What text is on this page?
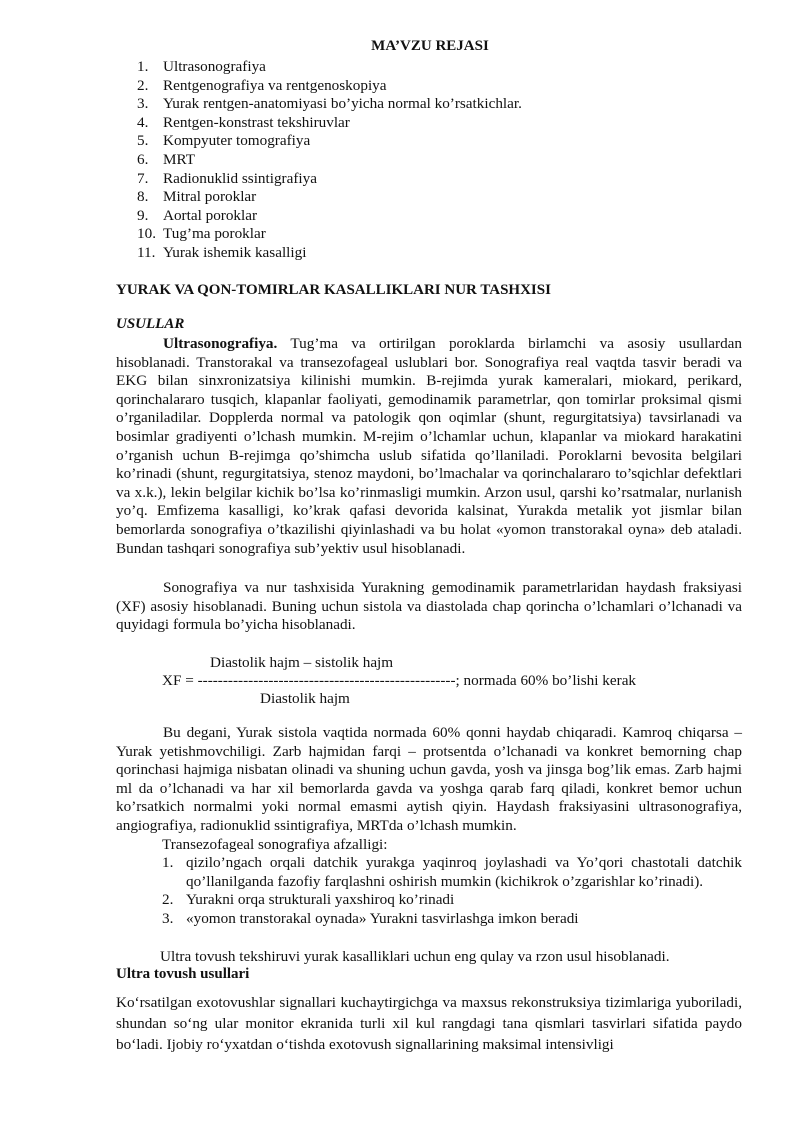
MA’VZU REJASI
1. Ultrasonografiya
2. Rentgenografiya va rentgenoskopiya
3. Yurak rentgen-anatomiyasi bo’yicha normal ko’rsatkichlar.
4. Rentgen-konstrast tekshiruvlar
5. Kompyuter tomografiya
6. MRT
7. Radionuklid ssintigrafiya
8. Mitral poroklar
9. Aortal poroklar
10. Tug’ma poroklar
11. Yurak ishemik kasalligi
YURAK VA QON-TOMIRLAR KASALLIKLARI NUR TASHXISI
USULLAR

Ultrasonografiya. Tug’ma va ortirilgan poroklarda birlamchi va asosiy usullardan hisoblanadi. Transtorakal va transezofageal uslublari bor. Sonografiya real vaqtda tasvir beradi va EKG bilan sinxronizatsiya kilinishi mumkin. B-rejimda yurak kameralari, miokard, perikard, qorinchalararo tusqich, klapanlar faoliyati, gemodinamik parametrlar, qon tomirlar proksimal qismi o’rganiladilar. Dopplerda normal va patologik qon oqimlar (shunt, regurgitatsiya) tavsirlanadi va bosimlar gradiyenti o’lchash mumkin. M-rejim o’lchamlar uchun, klapanlar va miokard harakatini o’rganish uchun B-rejimga qo’shimcha uslub sifatida qo’llaniladi. Poroklarni bevosita belgilari ko’rinadi (shunt, regurgitatsiya, stenoz maydoni, bo’lmachalar va qorinchalararo to’sqichlar defektlari va x.k.), lekin belgilar kichik bo’lsa ko’rinmasligi mumkin. Arzon usul, qarshi ko’rsatmalar, nurlanish yo’q. Emfizema kasalligi, ko’krak qafasi devorida kalsinat, Yurakda metalik yot jismlar bilan bemorlarda sonografiya o’tkazilishi qiyinlashadi va bu holat «yomon transtorakal oyna» deb ataladi. Bundan tashqari sonografiya sub’yektiv usul hisoblanadi.

Sonografiya va nur tashxisida Yurakning gemodinamik parametrlaridan haydash fraksiyasi (XF) asosiy hisoblanadi. Buning uchun sistola va diastolada chap qorincha o’lchamlari o’lchanadi va quyidagi formula bo’yicha hisoblanadi.

Diastolik hajm – sistolik hajm
XF = ---------------------------------------------------; normada 60% bo’lishi kerak
Diastolik hajm

Bu degani, Yurak sistola vaqtida normada 60% qonni haydab chiqaradi. Kamroq chiqarsa – Yurak yetishmovchiligi. Zarb hajmidan farqi – protsentda o’lchanadi va konkret bemorning chap qorinchasi hajmiga nisbatan olinadi va shuning uchun gavda, yosh va jinsga bog’lik emas. Zarb hajmi ml da o’lchanadi va har xil bemorlarda gavda va yoshga qarab farq qiladi, konkret bemor uchun ko’rsatkich normalmi yoki normal emasmi aytish qiyin. Haydash fraksiyasini ultrasonografiya, angiografiya, radionuklid ssintigrafiya, MRTda o’lchash mumkin.

Transezofageal sonografiya afzalligi:
1. qizilo’ngach orqali datchik yurakga yaqinroq joylashadi va Yo’qori chastotali datchik qo’llanilganda fazofiy farqlashni oshirish mumkin (kichikrok o’zgarishlar ko’rinadi).
2. Yurakni orqa strukturali yaxshiroq ko’rinadi
3. «yomon transtorakal oynada» Yurakni tasvirlashga imkon beradi
Ultra tovush tekshiruvi yurak kasalliklari uchun eng qulay va rzon usul hisoblanadi.
Ultra tovush usullari

Ko‘rsatilgan exotovushlar signallari kuchaytirgichga va maxsus rekonstruksiya tizimlariga yuboriladi, shundan so‘ng ular monitor ekranida turli xil kul rangdagi tana qismlari tasvirlari sifatida paydo bo‘ladi. Ijobiy ro‘yxatdan o‘tishda exotovush signallarining maksimal intensivligi
